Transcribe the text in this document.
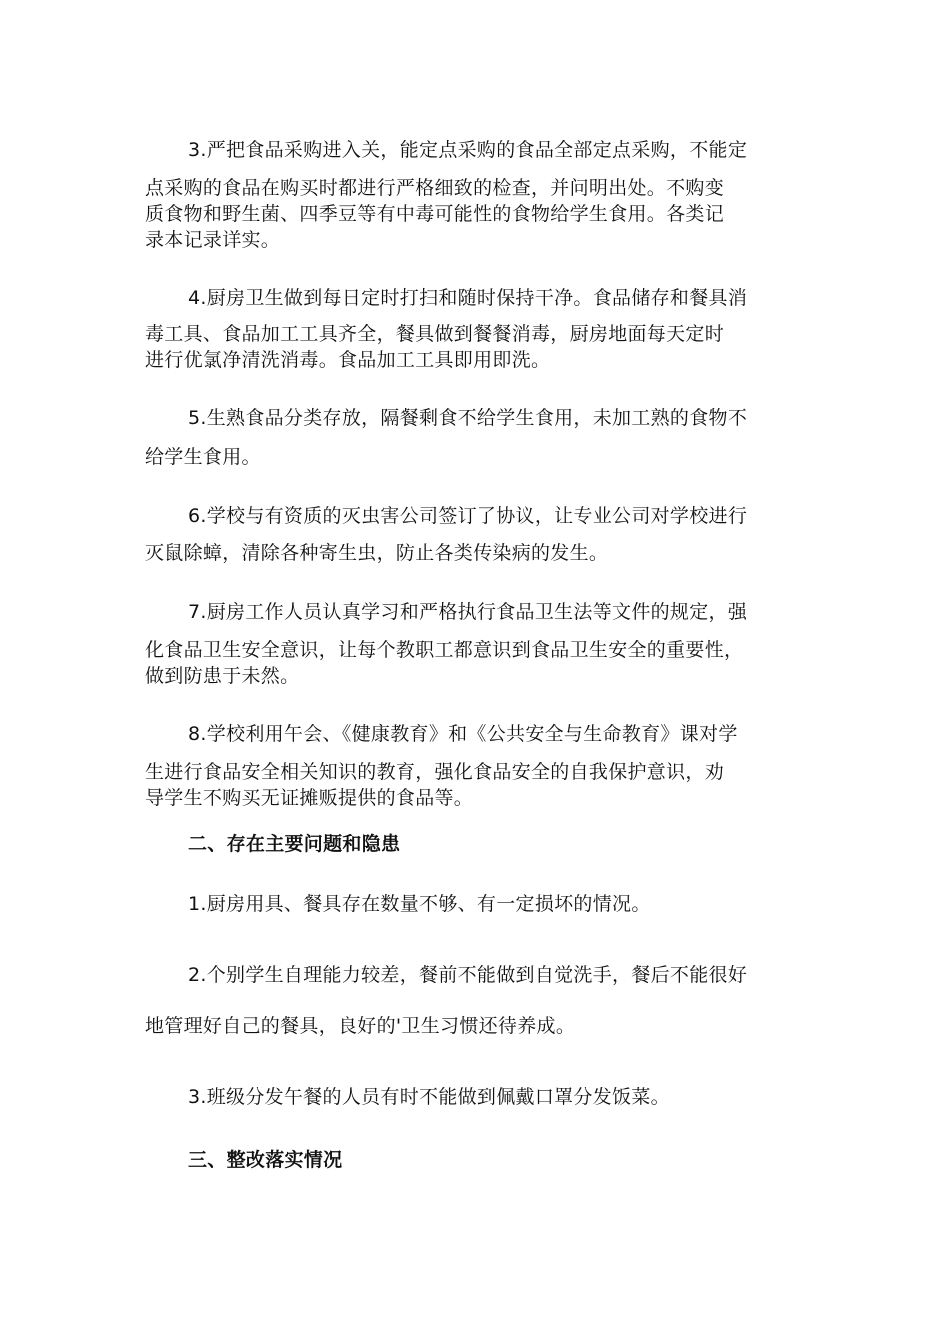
3.严把食品采购进入关，能定点采购的食品全部定点采购，不能定
点采购的食品在购买时都进行严格细致的检查，并问明出处。不购变
质食物和野生菌、四季豆等有中毒可能性的食物给学生食用。各类记
录本记录详实。
4.厨房卫生做到每日定时打扫和随时保持干净。食品储存和餐具消
毒工具、食品加工工具齐全，餐具做到餐餐消毒，厨房地面每天定时
进行优氯净清洗消毒。食品加工工具即用即洗。
5.生熟食品分类存放，隔餐剩食不给学生食用，未加工熟的食物不
给学生食用。
6.学校与有资质的灭虫害公司签订了协议，让专业公司对学校进行
灭鼠除蟑，清除各种寄生虫，防止各类传染病的发生。
7.厨房工作人员认真学习和严格执行食品卫生法等文件的规定，强
化食品卫生安全意识，让每个教职工都意识到食品卫生安全的重要性，
做到防患于未然。
8.学校利用午会、《健康教育》和《公共安全与生命教育》课对学
生进行食品安全相关知识的教育，强化食品安全的自我保护意识，劝
导学生不购买无证摊贩提供的食品等。
二、存在主要问题和隐患
1.厨房用具、餐具存在数量不够、有一定损坏的情况。
2.个别学生自理能力较差，餐前不能做到自觉洗手，餐后不能很好
地管理好自己的餐具，良好的'卫生习惯还待养成。
3.班级分发午餐的人员有时不能做到佩戴口罩分发饭菜。
三、整改落实情况
